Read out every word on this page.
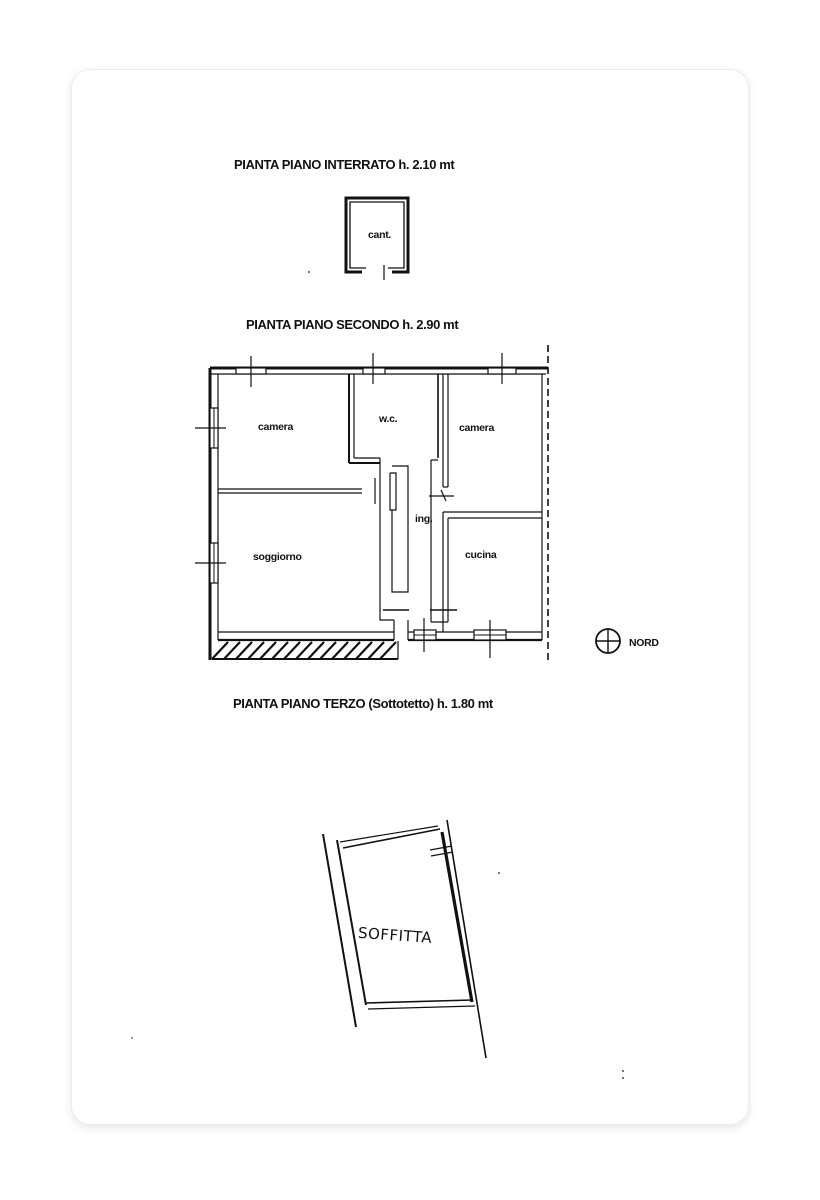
PIANTA PIANO INTERRATO h. 2.10 mt
PIANTA PIANO SECONDO h. 2.90 mt
PIANTA PIANO TERZO (Sottotetto) h. 1.80 mt
cant.
camera
w.c.
camera
ing.
soggiorno	cucina
NORD
SOFFITTA
